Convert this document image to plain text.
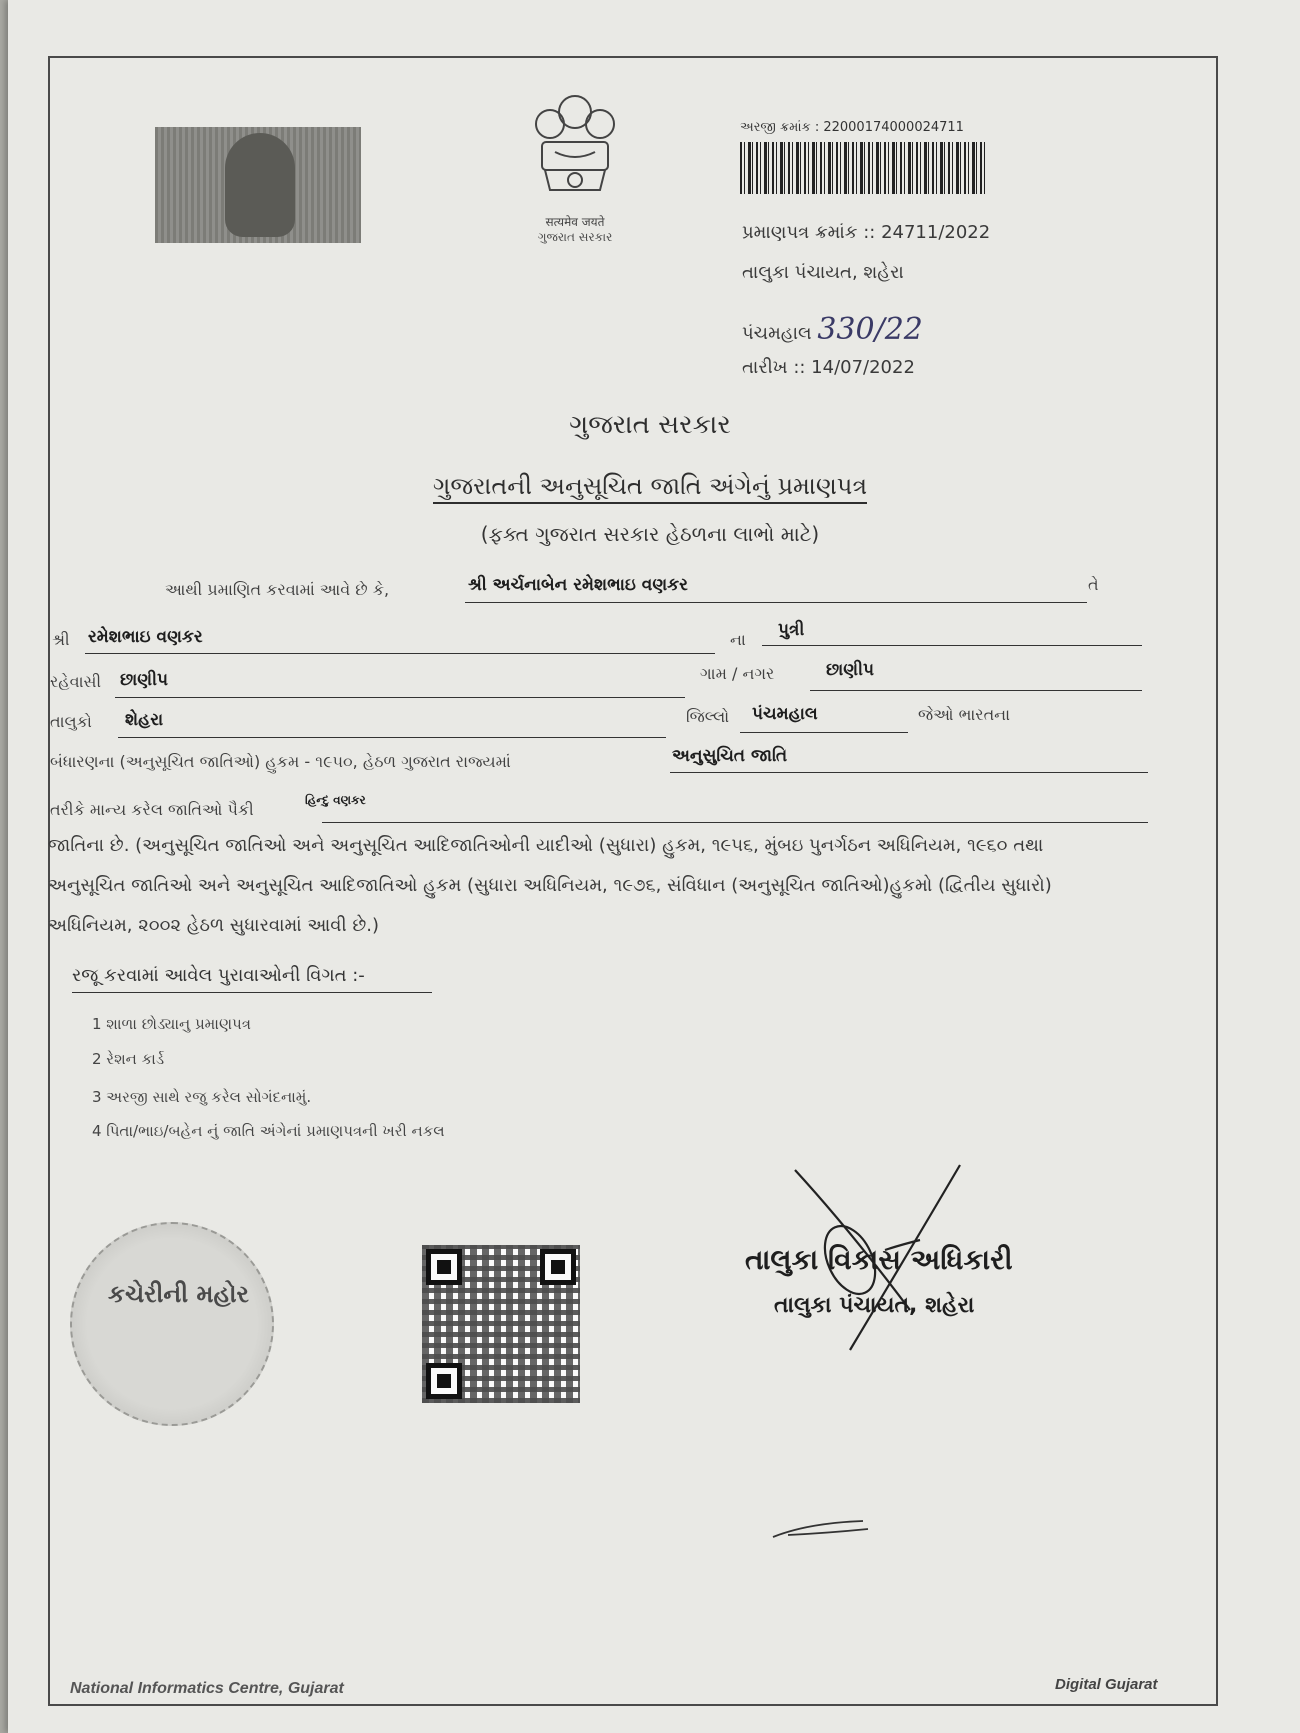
सत्यमेव जयते
ગુજરાત સરકાર
અરજી ક્રમાંક : 22000174000024711
પ્રમાણપત્ર ક્રમાંક :: 24711/2022
તાલુકા પંચાયત, શહેરા
પંચમહાલ 330/22
તારીખ :: 14/07/2022
ગુજરાત સરકાર
ગુજરાતની અનુસૂચિત જાતિ અંગેનું પ્રમાણપત્ર
(ફક્ત ગુજરાત સરકાર હેઠળના લાભો માટે)
આથી પ્રમાણિત કરવામાં આવે છે કે,	શ્રી અર્ચનાબેન રમેશભાઇ વણકર	તે
શ્રી રમેશભાઇ વણકર	ના પુત્રી
રહેવાસી છાણીપ	ગામ / નગર	છાણીપ
તાલુકો શેહરા	જિલ્લો પંચમહાલ	જેઓ ભારતના
બંધારણના (અનુસૂચિત જાતિઓ) હુકમ - ૧૯૫૦, હેઠળ ગુજરાત રાજ્યમાં	અનુસુચિત જાતિ
તરીકે માન્ય કરેલ જાતિઓ પૈકી	હિન્દુ વણકર
જાતિના છે. (અનુસૂચિત જાતિઓ અને અનુસૂચિત આદિજાતિઓની યાદીઓ (સુધારા) હુકમ, ૧૯૫૬, મુંબઇ પુનર્ગઠન અધિનિયમ, ૧૯૬૦ તથા
અનુસૂચિત જાતિઓ અને અનુસૂચિત આદિજાતિઓ હુકમ (સુધારા અધિનિયમ, ૧૯૭૬, સંવિધાન (અનુસૂચિત જાતિઓ)હુકમો (દ્વિતીય સુધારો)
અધિનિયમ, ૨૦૦૨ હેઠળ સુધારવામાં આવી છે.)
રજૂ કરવામાં આવેલ પુરાવાઓની વિગત :-
1 શાળા છોડ્યાનુ પ્રમાણપત્ર
2 રેશન કાર્ડ
3 અરજી સાથે રજુ કરેલ સોગંદનામું.
4 પિતા/ભાઇ/બહેન નું જાતિ અંગેનાં પ્રમાણપત્રની ખરી નકલ
કચેરીની મહોર
તાલુકા વિકાસ અધિકારી
તાલુકા પંચાયત, શહેરા
National Informatics Centre, Gujarat	Digital Gujarat
